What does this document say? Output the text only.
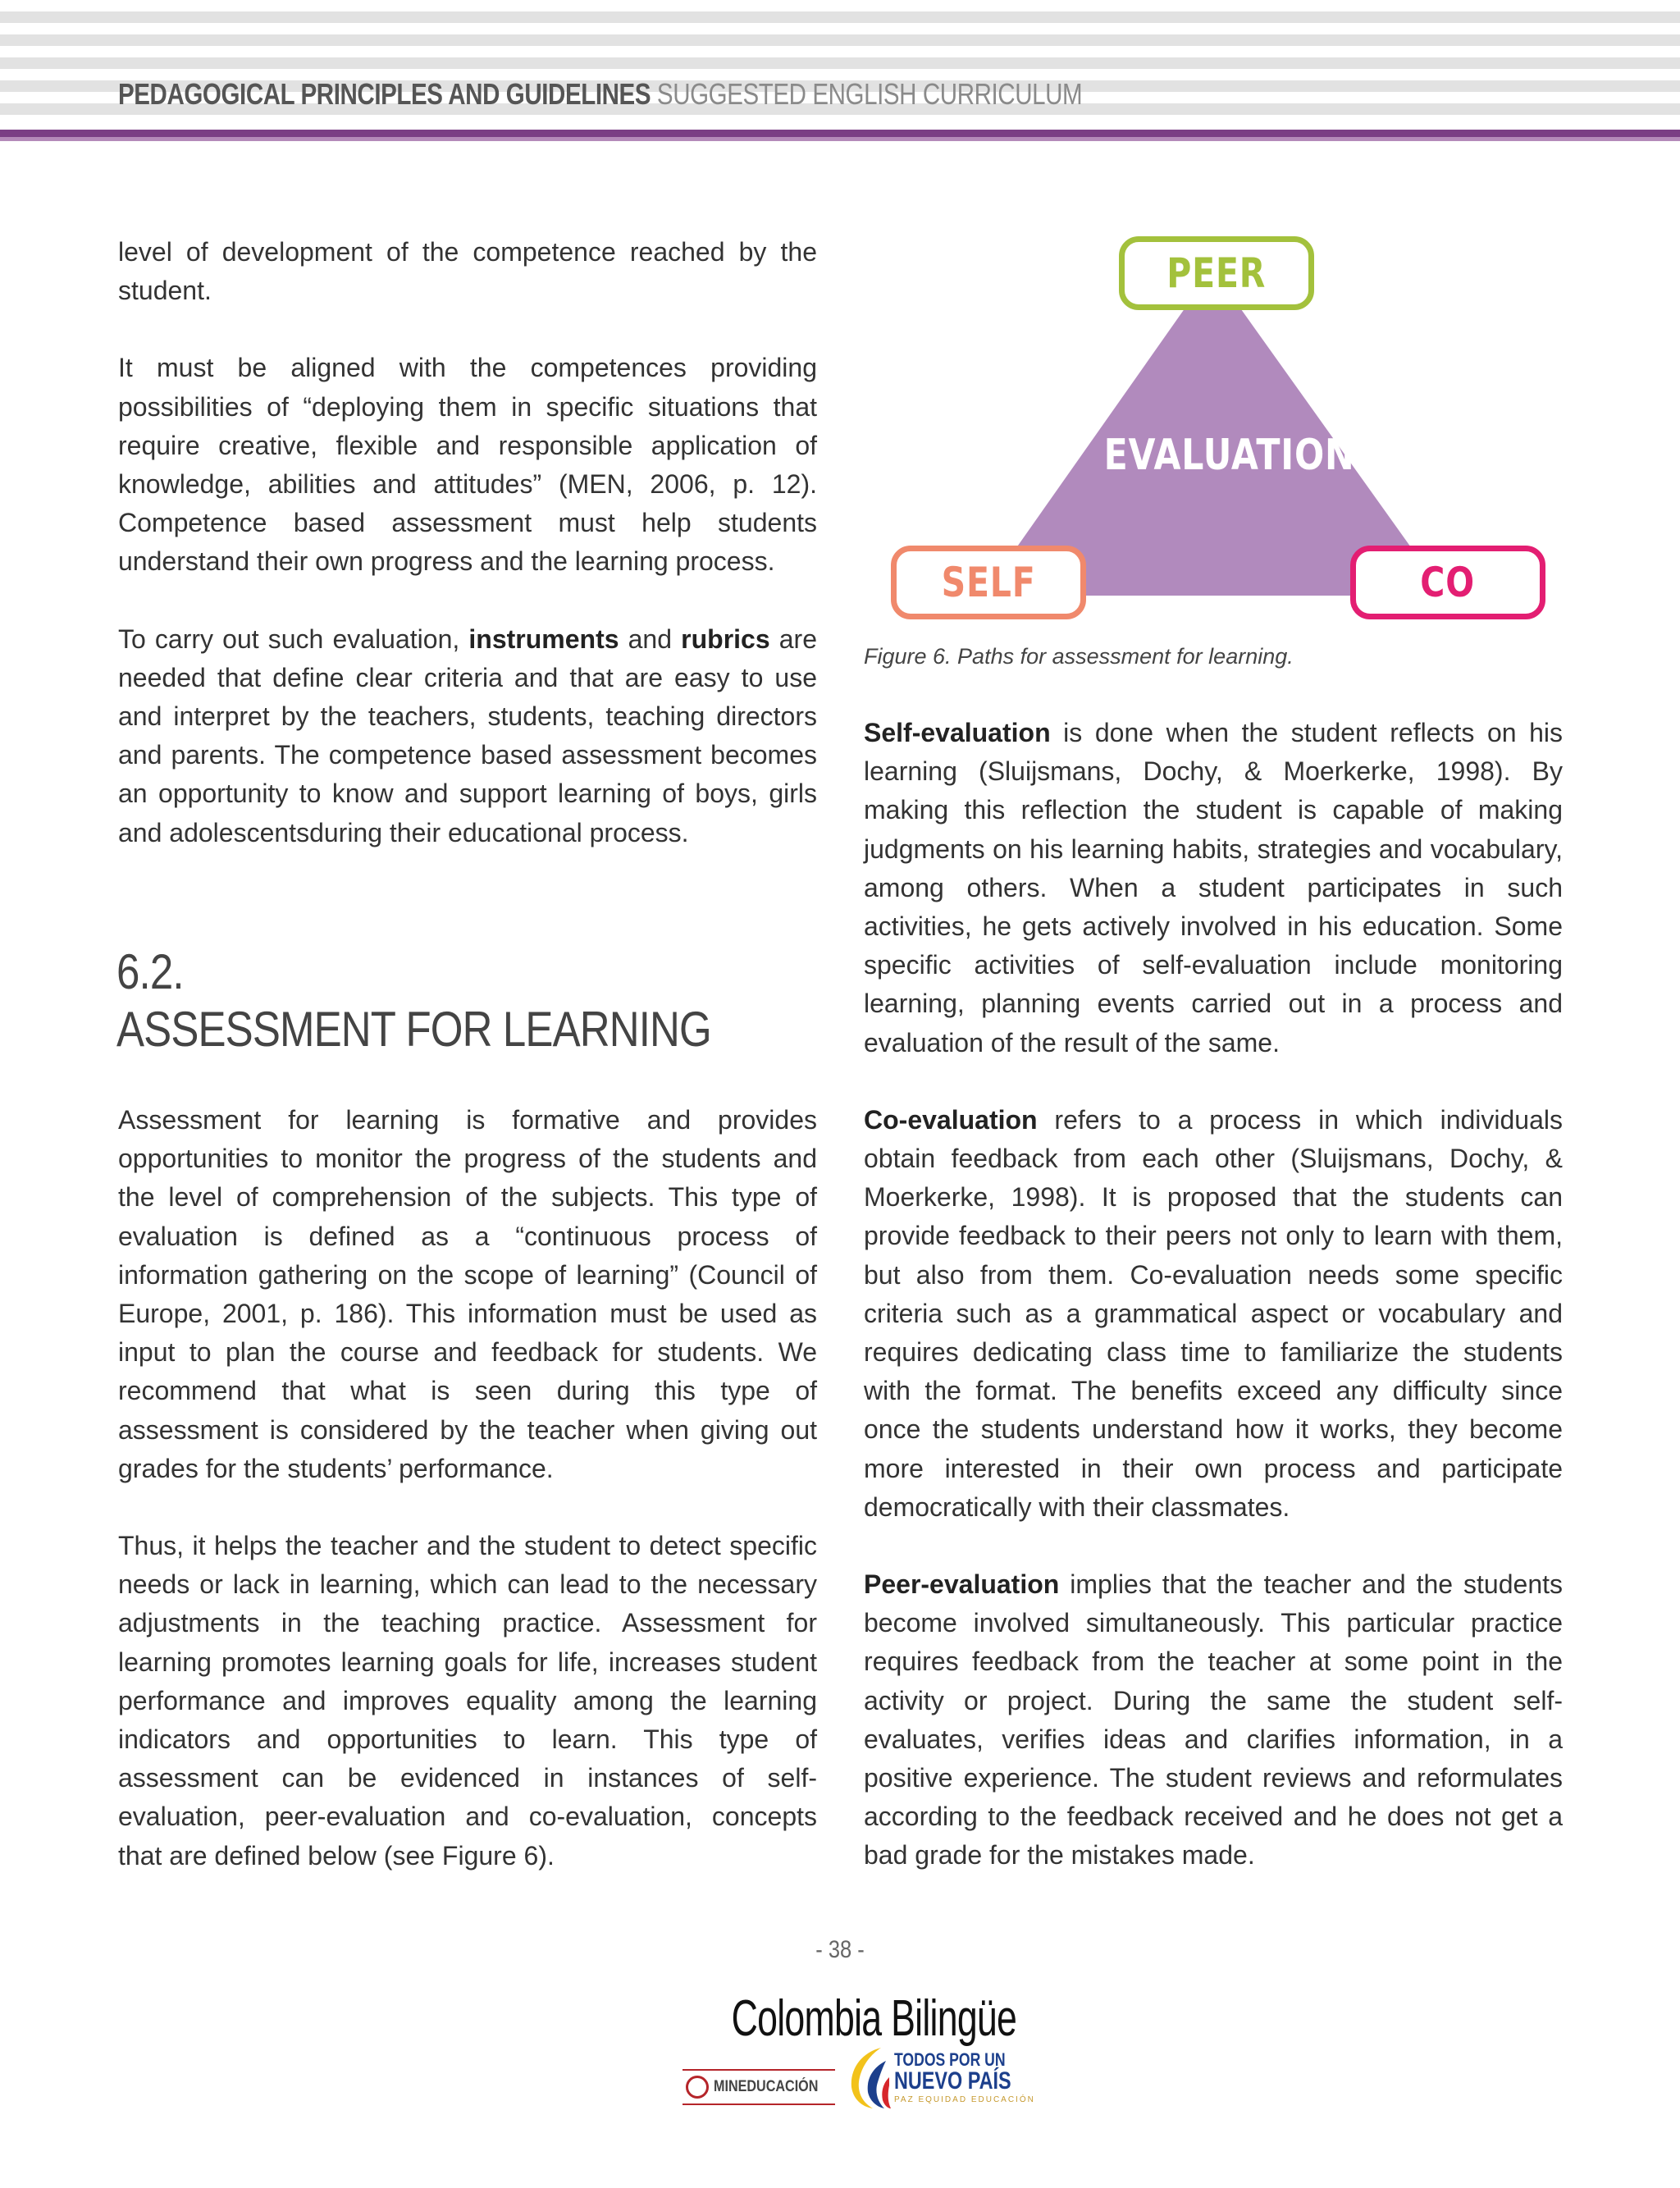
PEDAGOGICAL PRINCIPLES AND GUIDELINES SUGGESTED ENGLISH CURRICULUM

level of development of the competence reached by the student.

It must be aligned with the competences providing possibilities of “deploying them in specific situations that require creative, flexible and responsible application of knowledge, abilities and attitudes” (MEN, 2006, p. 12). Competence based assessment must help students understand their own progress and the learning process.

To carry out such evaluation, instruments and rubrics are needed that define clear criteria and that are easy to use and interpret by the teachers, students, teaching directors and parents. The competence based assessment becomes an opportunity to know and support learning of boys, girls and adolescentsduring their educational process.

6.2.
ASSESSMENT FOR LEARNING

Assessment for learning is formative and provides opportunities to monitor the progress of the students and the level of comprehension of the subjects. This type of evaluation is defined as a “continuous process of information gathering on the scope of learning” (Council of Europe, 2001, p. 186). This information must be used as input to plan the course and feedback for students. We recommend that what is seen during this type of assessment is considered by the teacher when giving out grades for the students’ performance.

Thus, it helps the teacher and the student to detect specific needs or lack in learning, which can lead to the necessary adjustments in the teaching practice. Assessment for learning promotes learning goals for life, increases student performance and improves equality among the learning indicators and opportunities to learn. This type of assessment can be evidenced in instances of self-evaluation, peer-evaluation and co-evaluation, concepts that are defined below (see Figure 6).

EVALUATION
PEER
SELF	CO
Figure 6. Paths for assessment for learning.

Self-evaluation is done when the student reflects on his learning (Sluijsmans, Dochy, & Moerkerke, 1998). By making this reflection the student is capable of making judgments on his learning habits, strategies and vocabulary, among others. When a student participates in such activities, he gets actively involved in his education. Some specific activities of self-evaluation include monitoring learning, planning events carried out in a process and evaluation of the result of the same.

Co-evaluation refers to a process in which individuals obtain feedback from each other (Sluijsmans, Dochy, & Moerkerke, 1998). It is proposed that the students can provide feedback to their peers not only to learn with them, but also from them. Co-evaluation needs some specific criteria such as a grammatical aspect or vocabulary and requires dedicating class time to familiarize the students with the format. The benefits exceed any difficulty since once the students understand how it works, they become more interested in their own process and participate democratically with their classmates.

Peer-evaluation implies that the teacher and the students become involved simultaneously. This particular practice requires feedback from the teacher at some point in the activity or project. During the same the student self-evaluates, verifies ideas and clarifies information, in a positive experience. The student reviews and reformulates according to the feedback received and he does not get a bad grade for the mistakes made.

- 38 -
Colombia Bilingüe
MINEDUCACIÓN
TODOS POR UN
NUEVO PAÍS
PAZ EQUIDAD EDUCACIÓN
